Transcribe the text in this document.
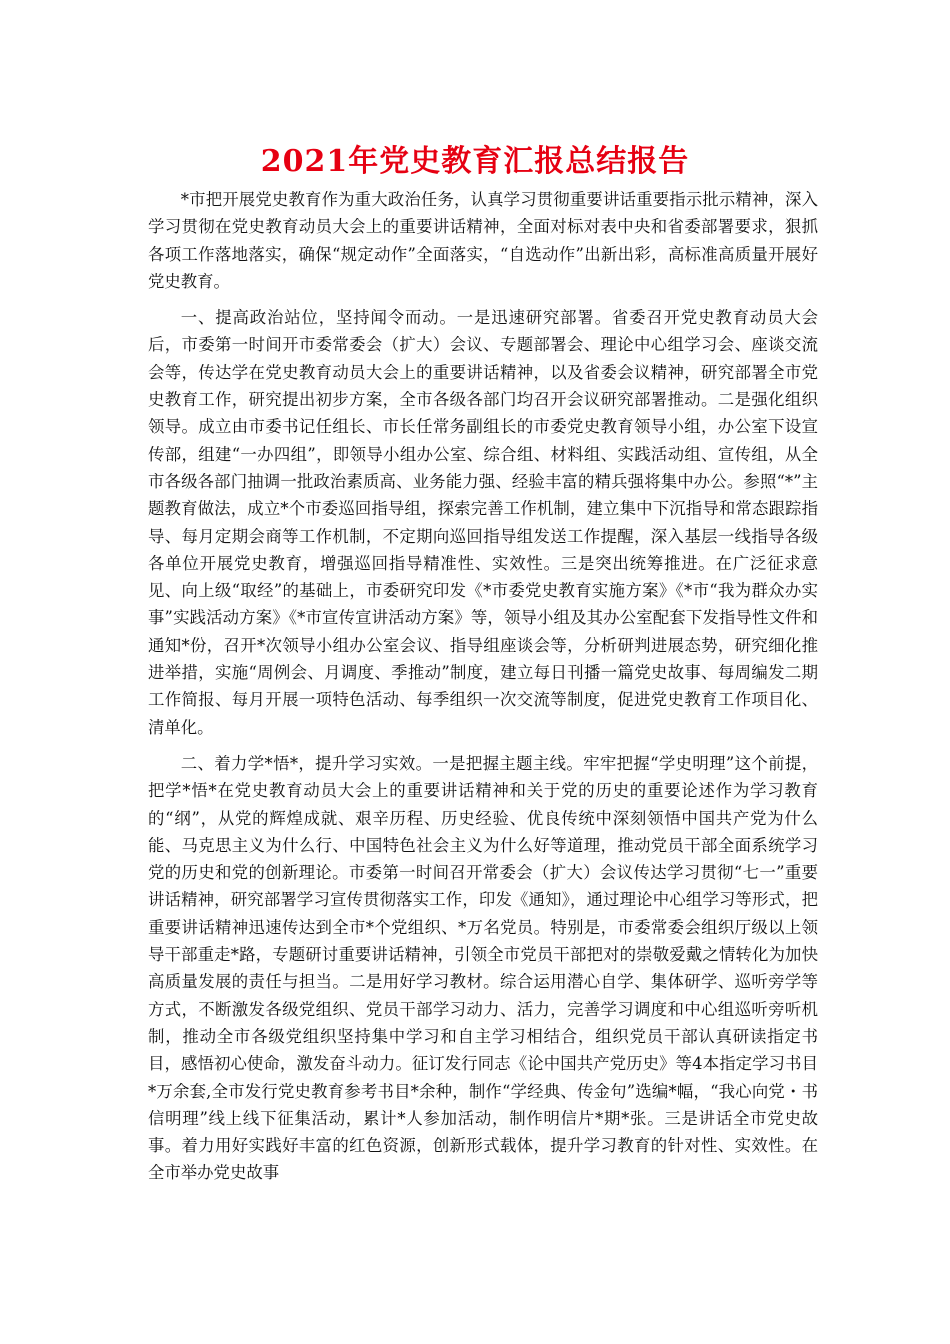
2021年党史教育汇报总结报告

*市把开展党史教育作为重大政治任务，认真学习贯彻重要讲话重要指示批示精神，深入学习贯彻在党史教育动员大会上的重要讲话精神，全面对标对表中央和省委部署要求，狠抓各项工作落地落实，确保“规定动作”全面落实，“自选动作”出新出彩，高标准高质量开展好党史教育。

一、提高政治站位，坚持闻令而动。一是迅速研究部署。省委召开党史教育动员大会后，市委第一时间开市委常委会（扩大）会议、专题部署会、理论中心组学习会、座谈交流会等，传达学在党史教育动员大会上的重要讲话精神，以及省委会议精神，研究部署全市党史教育工作，研究提出初步方案，全市各级各部门均召开会议研究部署推动。二是强化组织领导。成立由市委书记任组长、市长任常务副组长的市委党史教育领导小组，办公室下设宣传部，组建“一办四组”，即领导小组办公室、综合组、材料组、实践活动组、宣传组，从全市各级各部门抽调一批政治素质高、业务能力强、经验丰富的精兵强将集中办公。参照“*”主题教育做法，成立*个市委巡回指导组，探索完善工作机制，建立集中下沉指导和常态跟踪指导、每月定期会商等工作机制，不定期向巡回指导组发送工作提醒，深入基层一线指导各级各单位开展党史教育，增强巡回指导精准性、实效性。三是突出统筹推进。在广泛征求意见、向上级“取经”的基础上，市委研究印发《*市委党史教育实施方案》《*市“我为群众办实事”实践活动方案》《*市宣传宣讲活动方案》等，领导小组及其办公室配套下发指导性文件和通知*份，召开*次领导小组办公室会议、指导组座谈会等，分析研判进展态势，研究细化推进举措，实施“周例会、月调度、季推动”制度，建立每日刊播一篇党史故事、每周编发二期工作简报、每月开展一项特色活动、每季组织一次交流等制度，促进党史教育工作项目化、清单化。

二、着力学*悟*，提升学习实效。一是把握主题主线。牢牢把握“学史明理”这个前提，把学*悟*在党史教育动员大会上的重要讲话精神和关于党的历史的重要论述作为学习教育的“纲”，从党的辉煌成就、艰辛历程、历史经验、优良传统中深刻领悟中国共产党为什么能、马克思主义为什么行、中国特色社会主义为什么好等道理，推动党员干部全面系统学习党的历史和党的创新理论。市委第一时间召开常委会（扩大）会议传达学习贯彻“七一”重要讲话精神，研究部署学习宣传贯彻落实工作，印发《通知》，通过理论中心组学习等形式，把重要讲话精神迅速传达到全市*个党组织、*万名党员。特别是，市委常委会组织厅级以上领导干部重走*路，专题研讨重要讲话精神，引领全市党员干部把对的崇敬爱戴之情转化为加快高质量发展的责任与担当。二是用好学习教材。综合运用潜心自学、集体研学、巡听旁学等方式，不断激发各级党组织、党员干部学习动力、活力，完善学习调度和中心组巡听旁听机制，推动全市各级党组织坚持集中学习和自主学习相结合，组织党员干部认真研读指定书目，感悟初心使命，激发奋斗动力。征订发行同志《论中国共产党历史》等4本指定学习书目*万余套,全市发行党史教育参考书目*余种，制作“学经典、传金句”选编*幅，“我心向党・书信明理”线上线下征集活动，累计*人参加活动，制作明信片*期*张。三是讲话全市党史故事。着力用好实践好丰富的红色资源，创新形式载体，提升学习教育的针对性、实效性。在全市举办党史故事
